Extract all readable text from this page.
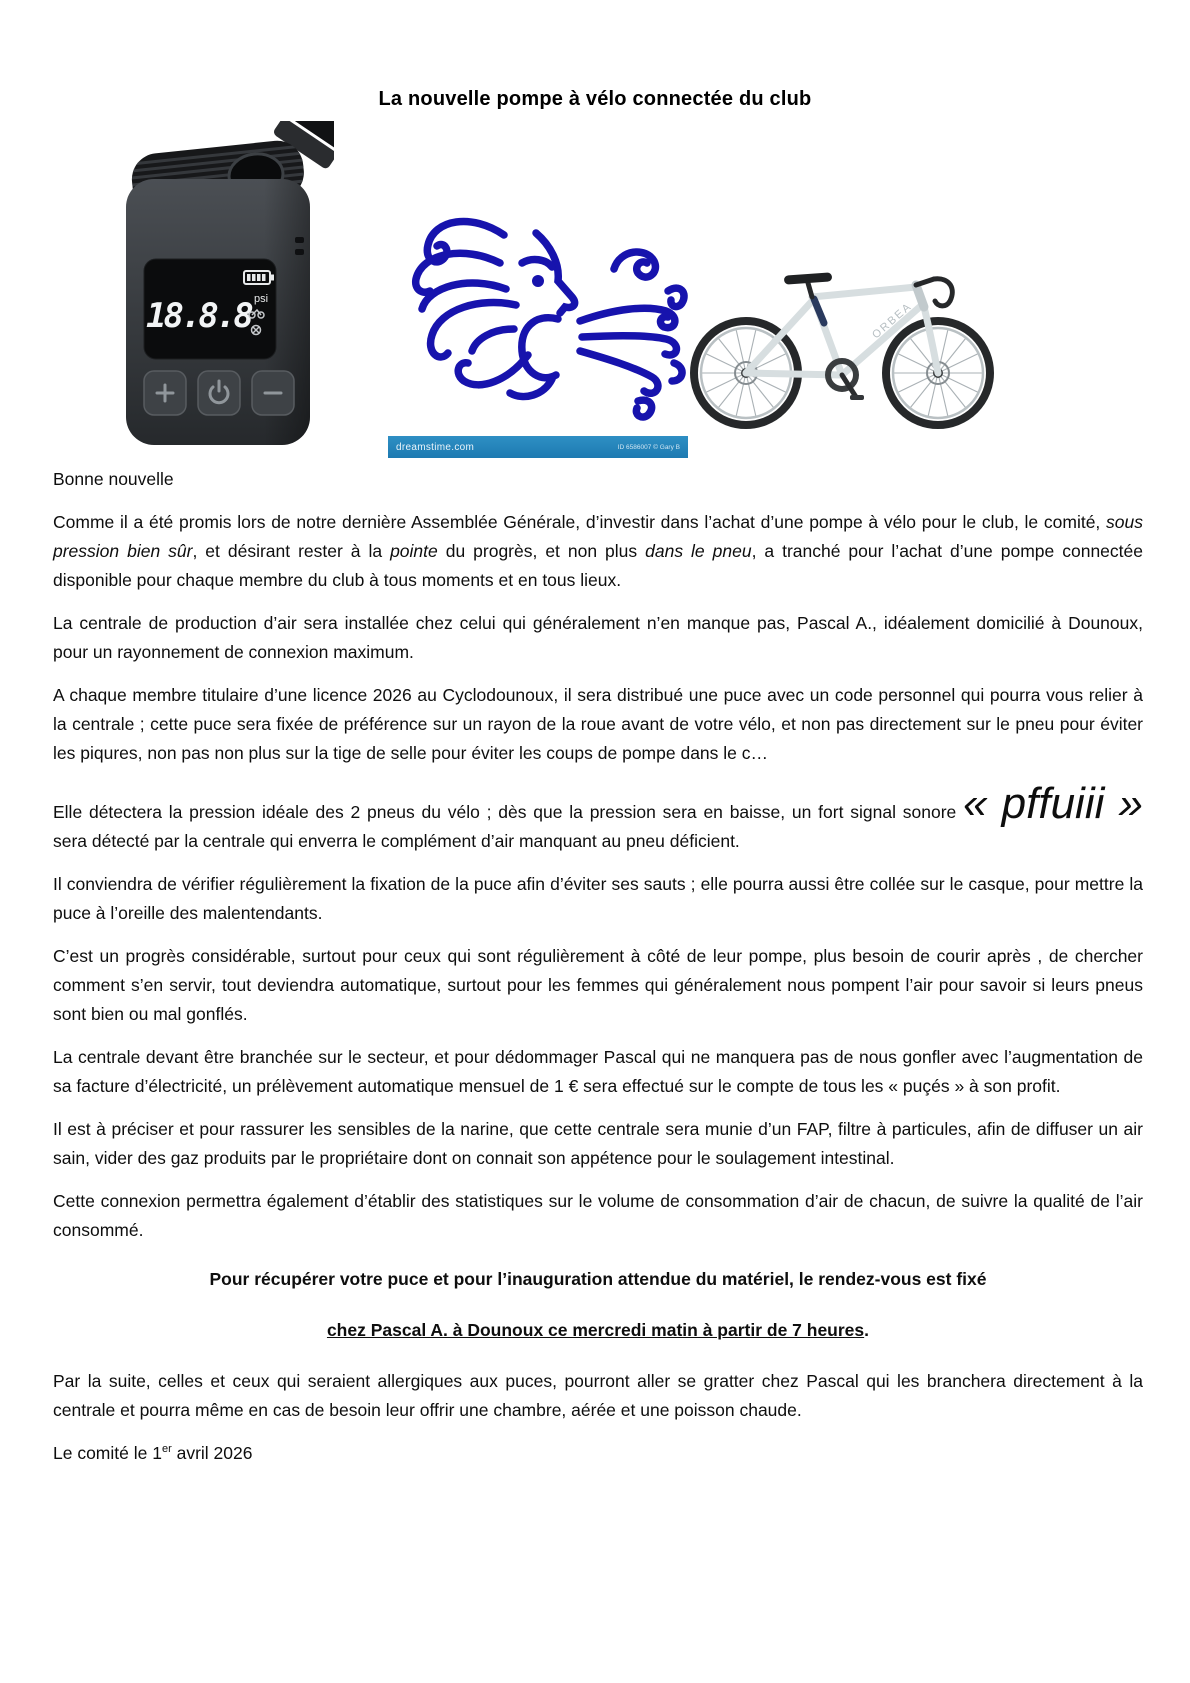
La nouvelle pompe à vélo connectée du club
18.8.8 psi
dreamstime.com	ID 6586007 © Gary B
ORBEA

Bonne nouvelle

Comme il a été promis lors de notre dernière Assemblée Générale, d’investir dans l’achat d’une pompe à vélo pour le club, le comité, sous pression bien sûr, et désirant rester à la pointe du progrès, et non plus dans le pneu, a tranché pour l’achat d’une pompe connectée disponible pour chaque membre du club à tous moments et en tous lieux.

La centrale de production d’air sera installée chez celui qui généralement n’en manque pas, Pascal A., idéalement domicilié à Dounoux, pour un rayonnement de connexion maximum.

A chaque membre titulaire d’une licence 2026 au Cyclodounoux, il sera distribué une puce avec un code personnel qui pourra vous relier à la centrale ; cette puce sera fixée de préférence sur un rayon de la roue avant de votre vélo, et non pas directement sur le pneu pour éviter les piqures, non pas non plus sur la tige de selle pour éviter les coups de pompe dans le c…

Elle détectera la pression idéale des 2 pneus du vélo ; dès que la pression sera en baisse, un fort signal sonore « pffuiii » sera détecté par la centrale qui enverra le complément d’air manquant au pneu déficient.

Il conviendra de vérifier régulièrement la fixation de la puce afin d’éviter ses sauts ; elle pourra aussi être collée sur le casque, pour mettre la puce à l’oreille des malentendants.

C’est un progrès considérable, surtout pour ceux qui sont régulièrement à côté de leur pompe, plus besoin de courir après , de chercher comment s’en servir, tout deviendra automatique, surtout pour les femmes qui généralement nous pompent l’air pour savoir si leurs pneus sont bien ou mal gonflés.

La centrale devant être branchée sur le secteur, et pour dédommager Pascal qui ne manquera pas de nous gonfler avec l’augmentation de sa facture d’électricité, un prélèvement automatique mensuel de 1 € sera effectué sur le compte de tous les « puçés » à son profit.

Il est à préciser et pour rassurer les sensibles de la narine, que cette centrale sera munie d’un FAP, filtre à particules, afin de diffuser un air sain, vider des gaz produits par le propriétaire dont on connait son appétence pour le soulagement intestinal.

Cette connexion permettra également d’établir des statistiques sur le volume de consommation d’air de chacun, de suivre la qualité de l’air consommé.

Pour récupérer votre puce et pour l’inauguration attendue du matériel, le rendez-vous est fixé

chez Pascal A. à Dounoux ce mercredi matin à partir de 7 heures.

Par la suite, celles et ceux qui seraient allergiques aux puces, pourront aller se gratter chez Pascal qui les branchera directement à la centrale et pourra même en cas de besoin leur offrir une chambre, aérée et une poisson chaude.

Le comité le 1er avril 2026
